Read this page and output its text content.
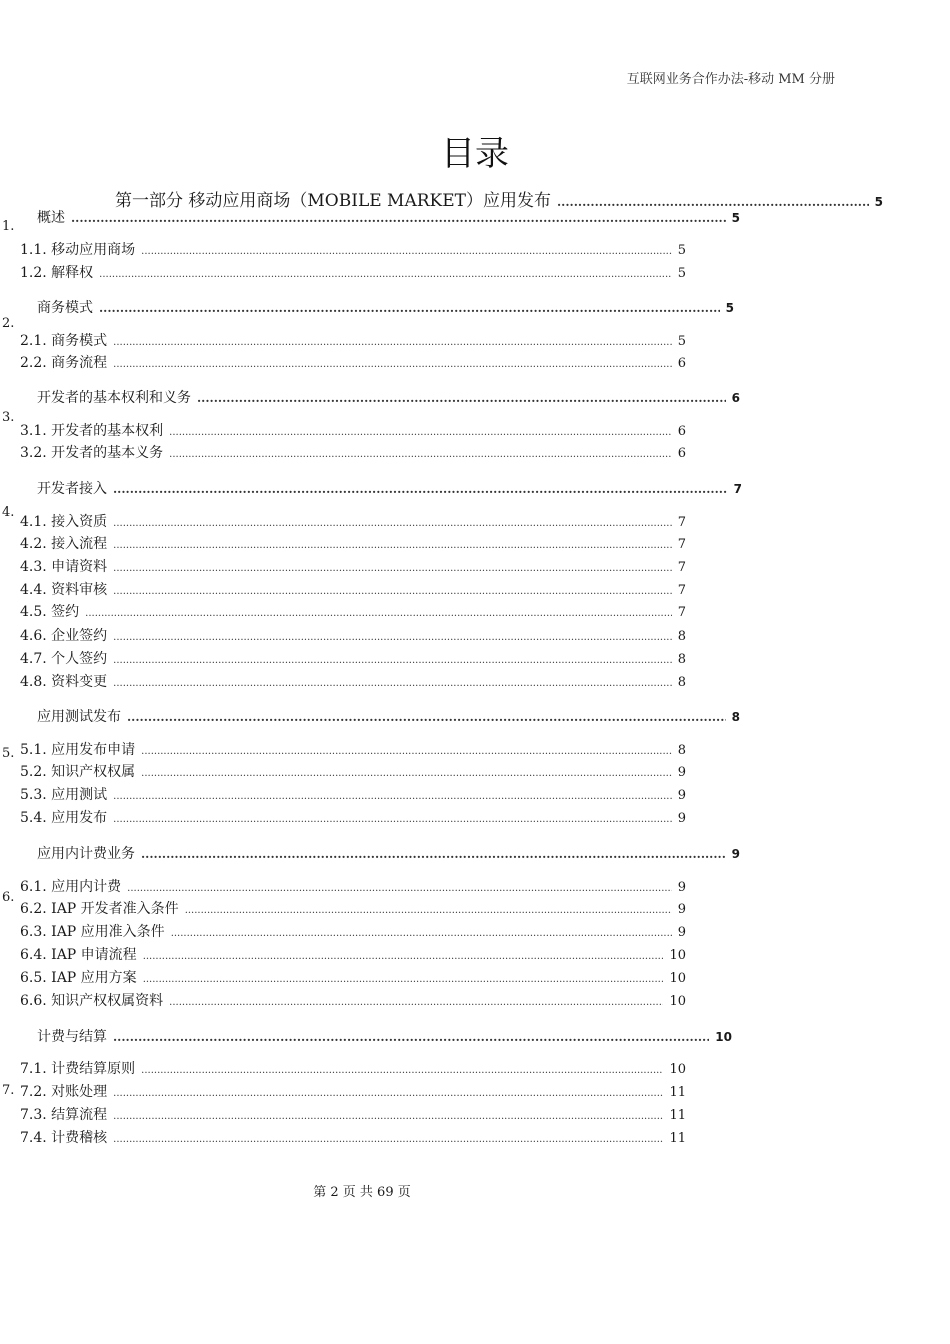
互联网业务合作办法-移动 MM 分册
目录
第一部分 移动应用商场（MOBILE MARKET）应用发布 .....	5
概述 .....	5
1.
1.1. 移动应用商场 .....	5
1.2. 解释权 .....	5
商务模式 .....	5
2.
2.1. 商务模式 .....	5
2.2. 商务流程 .....	6
开发者的基本权利和义务 .....	6
3.
3.1. 开发者的基本权利 .....	6
3.2. 开发者的基本义务 .....	6
开发者接入 .....	7
4.
4.1. 接入资质 .....	7
4.2. 接入流程 .....	7
4.3. 申请资料 .....	7
4.4. 资料审核 .....	7
4.5. 签约 .....	7
4.6. 企业签约 .....	8
4.7. 个人签约 .....	8
4.8. 资料变更 .....	8
应用测试发布 .....	8
5. 5.1. 应用发布申请 .....	8
5.2. 知识产权权属 .....	9
5.3. 应用测试 .....	9
5.4. 应用发布 .....	9
应用内计费业务 .....	9
6.
6.1. 应用内计费 .....	9
6.2. IAP 开发者准入条件 .....	9
6.3. IAP 应用准入条件 .....	9
6.4. IAP 申请流程 .....	10
6.5. IAP 应用方案 .....	10
6.6. 知识产权权属资料 .....	10
计费与结算 .....	10
7.
7.1. 计费结算原则 .....	10
7.2. 对账处理 .....	11
7.3. 结算流程 .....	11
7.4. 计费稽核 .....	11
第 2 页 共 69 页
